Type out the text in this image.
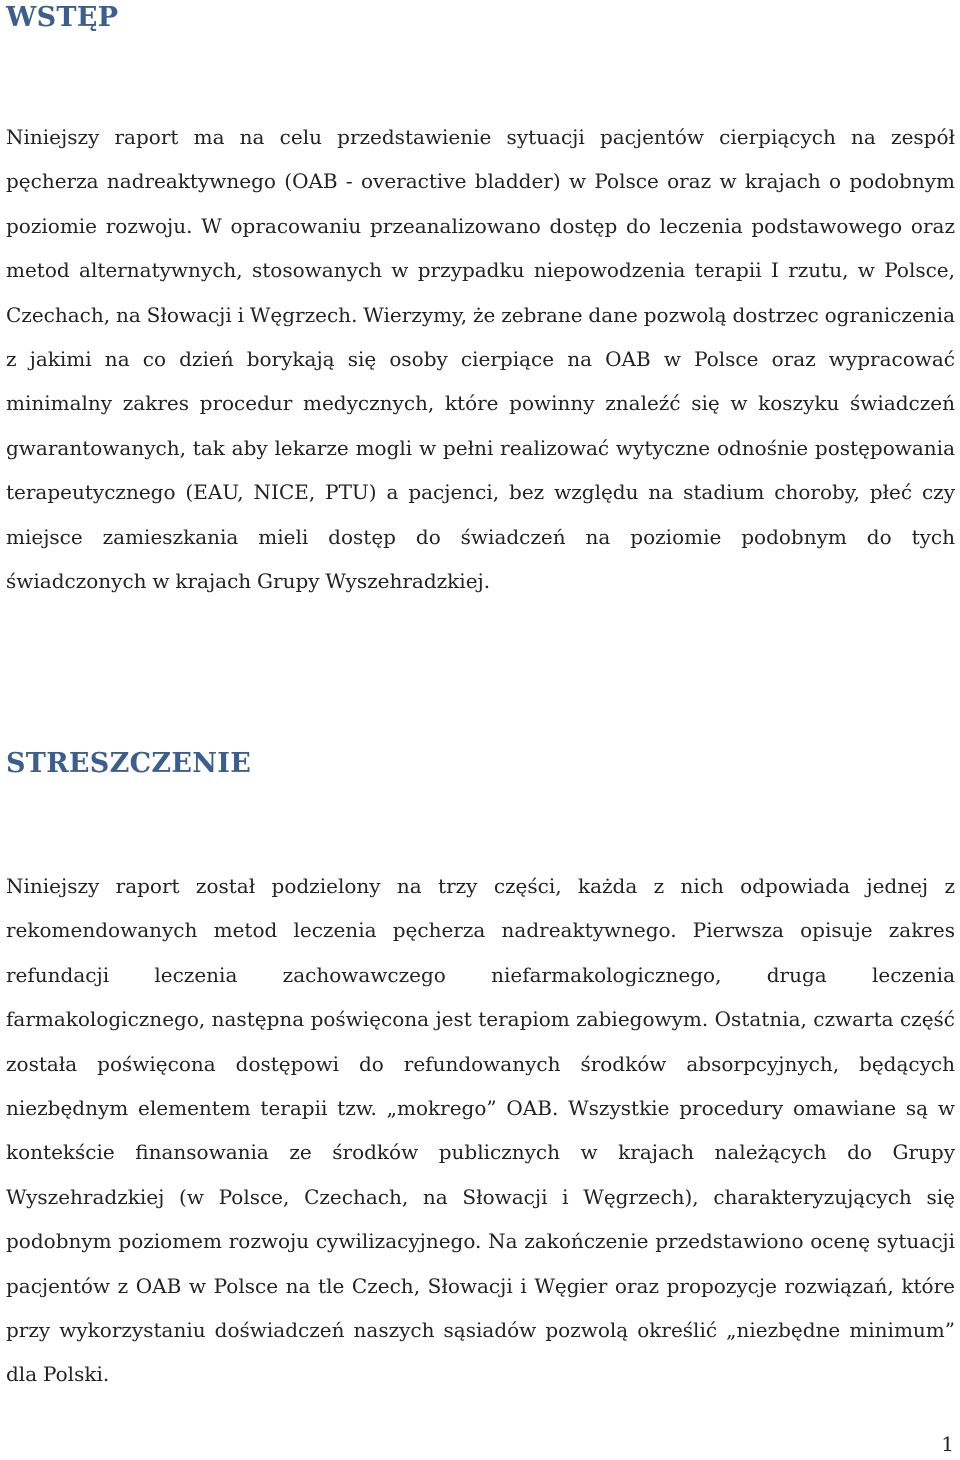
WSTĘP

Niniejszy raport ma na celu przedstawienie sytuacji pacjentów cierpiących na zespół pęcherza nadreaktywnego (OAB - overactive bladder) w Polsce oraz w krajach o podobnym poziomie rozwoju. W opracowaniu przeanalizowano dostęp do leczenia podstawowego oraz metod alternatywnych, stosowanych w przypadku niepowodzenia terapii I rzutu, w Polsce, Czechach, na Słowacji i Węgrzech. Wierzymy, że zebrane dane pozwolą dostrzec ograniczenia z jakimi na co dzień borykają się osoby cierpiące na OAB w Polsce oraz wypracować minimalny zakres procedur medycznych, które powinny znaleźć się w koszyku świadczeń gwarantowanych, tak aby lekarze mogli w pełni realizować wytyczne odnośnie postępowania terapeutycznego (EAU, NICE, PTU) a pacjenci, bez względu na stadium choroby, płeć czy miejsce zamieszkania mieli dostęp do świadczeń na poziomie podobnym do tych świadczonych w krajach Grupy Wyszehradzkiej.

STRESZCZENIE

Niniejszy raport został podzielony na trzy części, każda z nich odpowiada jednej z rekomendowanych metod leczenia pęcherza nadreaktywnego. Pierwsza opisuje zakres refundacji leczenia zachowawczego niefarmakologicznego, druga leczenia farmakologicznego, następna poświęcona jest terapiom zabiegowym. Ostatnia, czwarta część została poświęcona dostępowi do refundowanych środków absorpcyjnych, będących niezbędnym elementem terapii tzw. „mokrego” OAB. Wszystkie procedury omawiane są w kontekście finansowania ze środków publicznych w krajach należących do Grupy Wyszehradzkiej (w Polsce, Czechach, na Słowacji i Węgrzech), charakteryzujących się podobnym poziomem rozwoju cywilizacyjnego. Na zakończenie przedstawiono ocenę sytuacji pacjentów z OAB w Polsce na tle Czech, Słowacji i Węgier oraz propozycje rozwiązań, które przy wykorzystaniu doświadczeń naszych sąsiadów pozwolą określić „niezbędne minimum” dla Polski.

1
